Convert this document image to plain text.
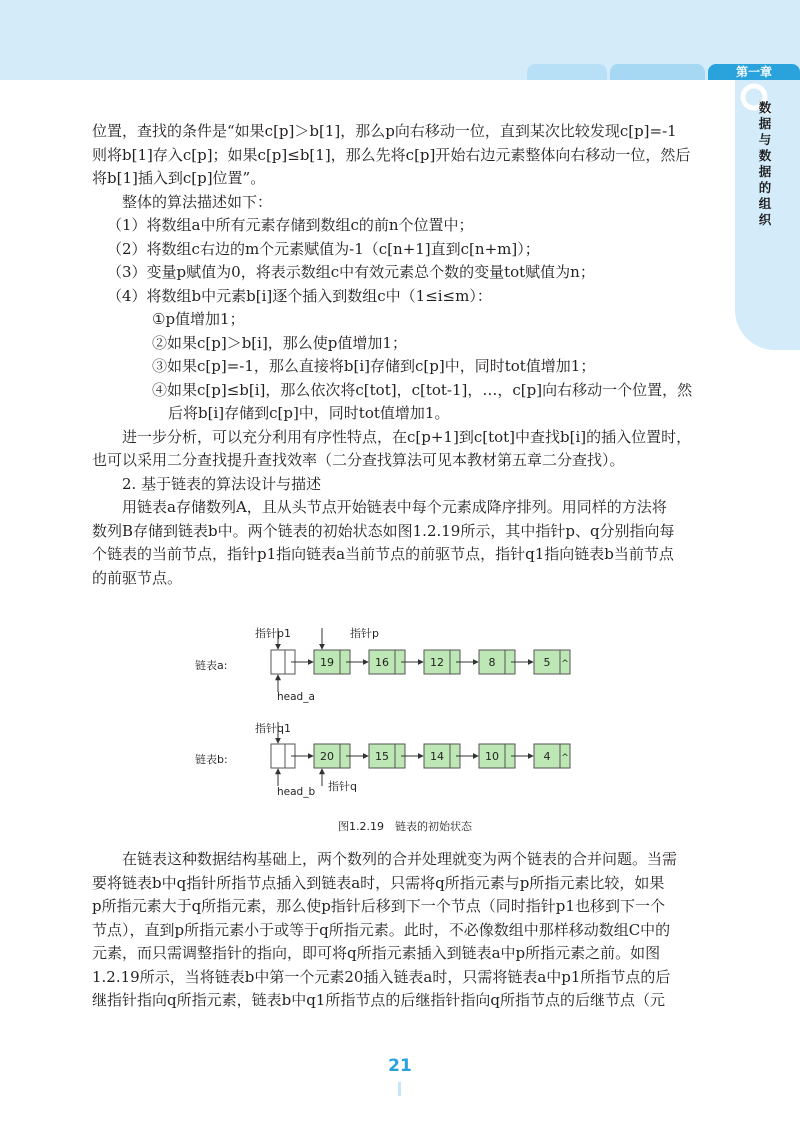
第一章
数据与数据的组织

位置，查找的条件是“如果c[p]＞b[1]，那么p向右移动一位，直到某次比较发现c[p]=-1

则将b[1]存入c[p]；如果c[p]≤b[1]，那么先将c[p]开始右边元素整体向右移动一位，然后

将b[1]插入到c[p]位置”。

整体的算法描述如下：

（1）将数组a中所有元素存储到数组c的前n个位置中；

（2）将数组c右边的m个元素赋值为-1（c[n+1]直到c[n+m]）；

（3）变量p赋值为0，将表示数组c中有效元素总个数的变量tot赋值为n；

（4）将数组b中元素b[i]逐个插入到数组c中（1≤i≤m）：

①p值增加1；

②如果c[p]＞b[i]，那么使p值增加1；

③如果c[p]=-1，那么直接将b[i]存储到c[p]中，同时tot值增加1；

④如果c[p]≤b[i]，那么依次将c[tot]，c[tot-1]，…，c[p]向右移动一个位置，然

后将b[i]存储到c[p]中，同时tot值增加1。

进一步分析，可以充分利用有序性特点，在c[p+1]到c[tot]中查找b[i]的插入位置时，

也可以采用二分查找提升查找效率（二分查找算法可见本教材第五章二分查找）。

2. 基于链表的算法设计与描述

用链表a存储数列A，且从头节点开始链表中每个元素成降序排列。用同样的方法将

数列B存储到链表b中。两个链表的初始状态如图1.2.19所示，其中指针p、q分别指向每

个链表的当前节点，指针p1指向链表a当前节点的前驱节点，指针q1指向链表b当前节点

的前驱节点。

链表a:
指针p1	指针p
head_a
19	16	12	8	5 ^
链表b:
指针q1
指针q
head_b
20	15	14	10	4 ^
图1.2.19　链表的初始状态

在链表这种数据结构基础上，两个数列的合并处理就变为两个链表的合并问题。当需

要将链表b中q指针所指节点插入到链表a时，只需将q所指元素与p所指元素比较，如果

p所指元素大于q所指元素，那么使p指针后移到下一个节点（同时指针p1也移到下一个

节点），直到p所指元素小于或等于q所指元素。此时，不必像数组中那样移动数组C中的

元素，而只需调整指针的指向，即可将q所指元素插入到链表a中p所指元素之前。如图

1.2.19所示，当将链表b中第一个元素20插入链表a时，只需将链表a中p1所指节点的后

继指针指向q所指元素，链表b中q1所指节点的后继指针指向q所指节点的后继节点（元

21
